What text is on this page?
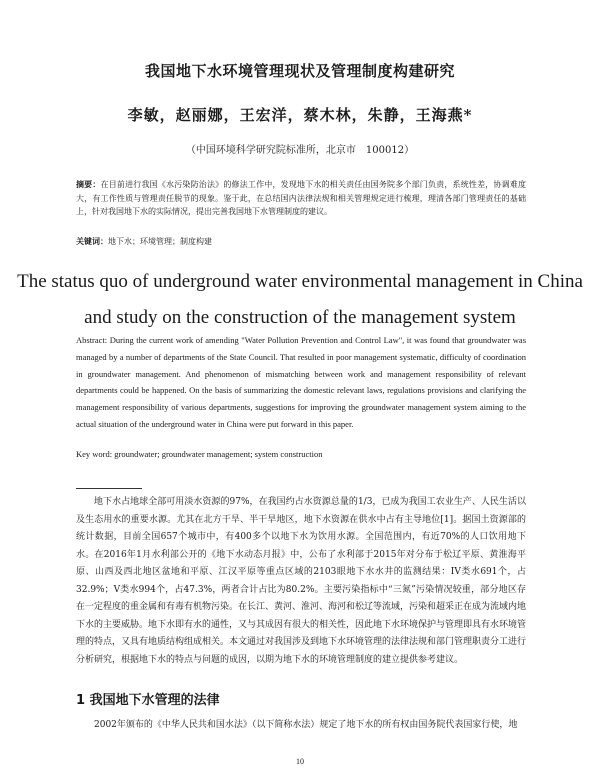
我国地下水环境管理现状及管理制度构建研究
李敏，赵丽娜，王宏洋，蔡木林，朱静，王海燕*
（中国环境科学研究院标准所，北京市　100012）
摘要：在目前进行我国《水污染防治法》的修法工作中，发现地下水的相关责任由国务院多个部门负责，系统性差，协调难度大，有工作性质与管理责任脱节的现象。鉴于此，在总结国内法律法规和相关管理规定进行梳理，理清各部门管理责任的基础上，针对我国地下水的实际情况，提出完善我国地下水管理制度的建议。
关键词：地下水；环境管理；制度构建
The status quo of underground water environmental management in China
and study on the construction of the management system
Abstract: During the current work of amending "Water Pollution Prevention and Control Law", it was found that groundwater was managed by a number of departments of the State Council. That resulted in poor management systematic, difficulty of coordination in groundwater management. And phenomenon of mismatching between work and management responsibility of relevant departments could be happened. On the basis of summarizing the domestic relevant laws, regulations provisions and clarifying the management responsibility of various departments, suggestions for improving the groundwater management system aiming to the actual situation of the underground water in China were put forward in this paper.
Key word: groundwater; groundwater management; system construction
地下水占地球全部可用淡水资源的97%，在我国约占水资源总量的1/3，已成为我国工农业生产、人民生活以及生态用水的重要水源。尤其在北方干旱、半干旱地区，地下水资源在供水中占有主导地位[1]。据国土资源部的统计数据，目前全国657个城市中，有400多个以地下水为饮用水源。全国范围内，有近70%的人口饮用地下水。在2016年1月水利部公开的《地下水动态月报》中，公布了水利部于2015年对分布于松辽平原、黄淮海平原、山西及西北地区盆地和平原、江汉平原等重点区域的2103眼地下水水井的监测结果：IV类水691个，占32.9%；V类水994个，占47.3%，两者合计占比为80.2%。主要污染指标中“三氮”污染情况较重，部分地区存在一定程度的重金属和有毒有机物污染。在长江、黄河、淮河、海河和松辽等流域，污染和超采正在成为流域内地下水的主要威胁。地下水即有水的通性，又与其成因有很大的相关性，因此地下水环境保护与管理即具有水环境管理的特点，又具有地质结构组成相关。本文通过对我国涉及到地下水环境管理的法律法规和部门管理职责分工进行分析研究，根据地下水的特点与问题的成因，以期为地下水的环境管理制度的建立提供参考建议。
1 我国地下水管理的法律
2002年颁布的《中华人民共和国水法》（以下简称水法）规定了地下水的所有权由国务院代表国家行使，地
10
